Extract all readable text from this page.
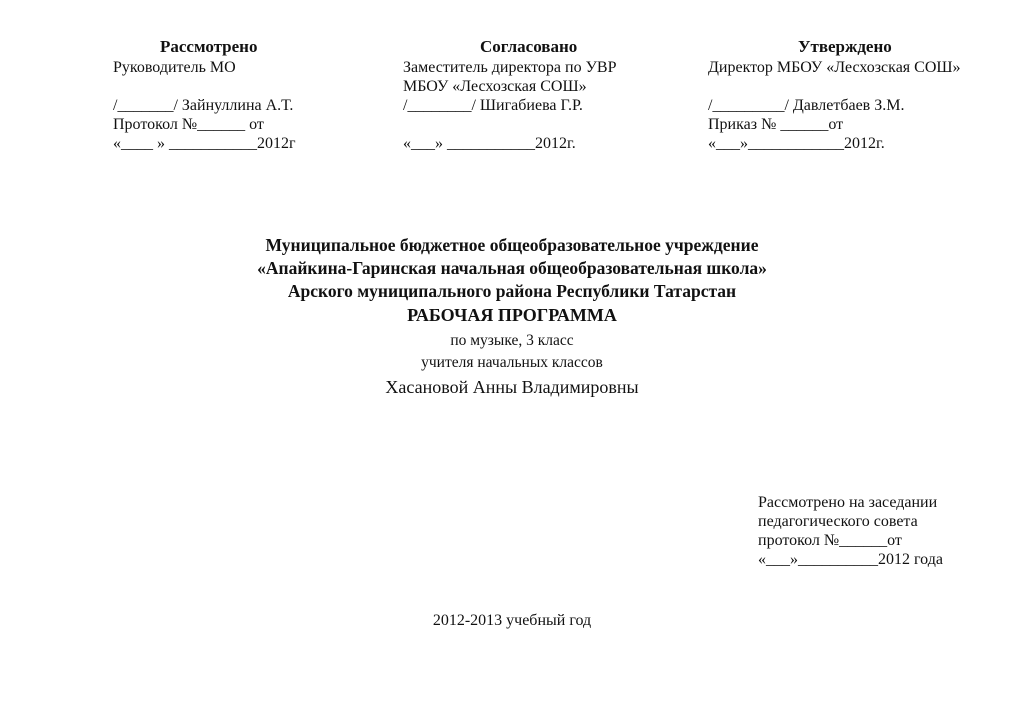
Рассмотрено
Руководитель МО
/_______/ Зайнуллина А.Т.
Протокол №______ от
«____ » ___________2012г
Согласовано
Заместитель директора по УВР
МБОУ «Лесхозская СОШ»
/________/ Шигабиева Г.Р.
«___» ___________2012г.
Утверждено
Директор МБОУ «Лесхозская СОШ»
/_________/ Давлетбаев З.М.
Приказ № ______от
«___»____________2012г.
Муниципальное бюджетное общеобразовательное учреждение
«Апайкина-Гаринская начальная общеобразовательная школа»
Арского муниципального района Республики Татарстан
РАБОЧАЯ ПРОГРАММА
по музыке, 3 класс
учителя начальных классов
Хасановой Анны Владимировны
Рассмотрено на заседании
педагогического совета
протокол №______от
«___»__________2012 года
2012-2013 учебный год
